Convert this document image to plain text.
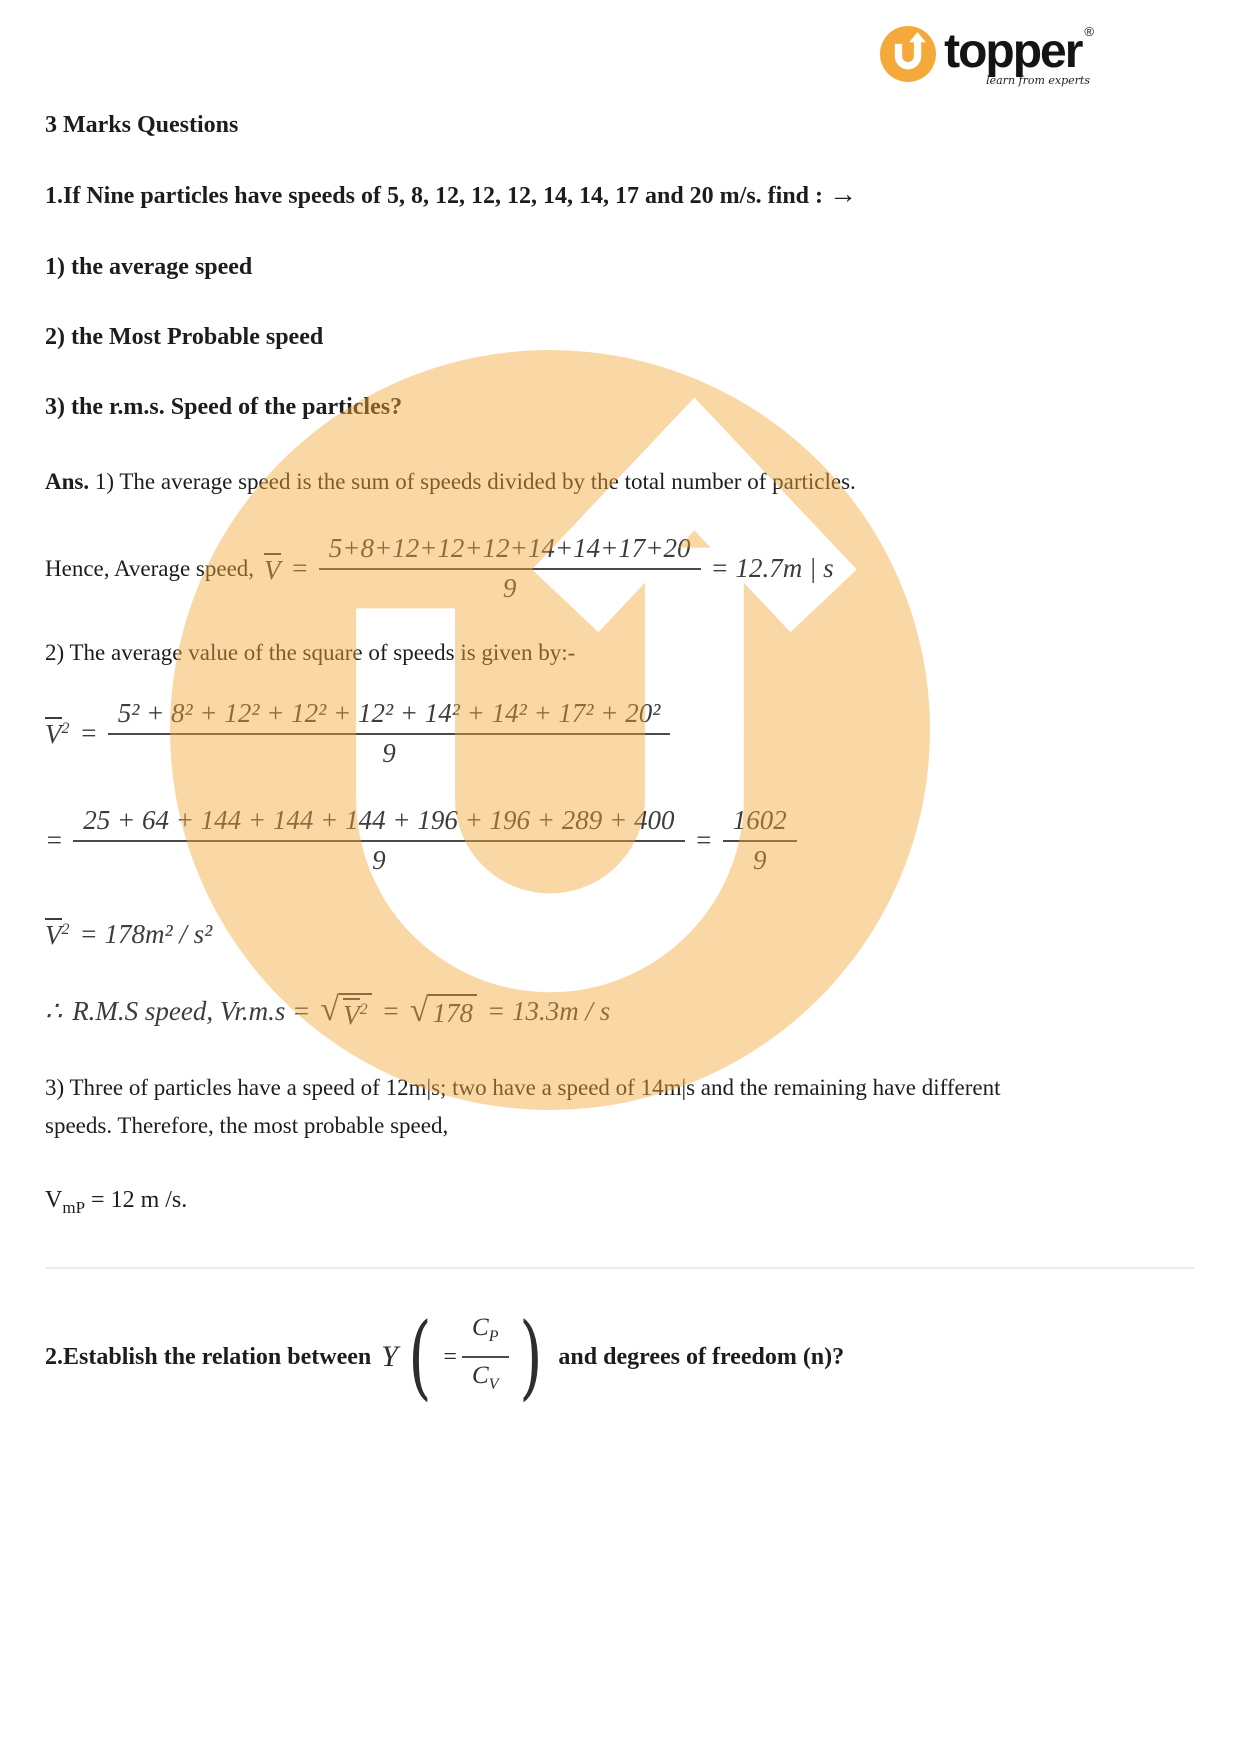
topper ®
learn from experts

3 Marks Questions

1.If Nine particles have speeds of 5, 8, 12, 12, 12, 14, 14, 17 and 20 m/s. find : →

1) the average speed

2) the Most Probable speed

3) the r.m.s. Speed of the particles?

Ans. 1) The average speed is the sum of speeds divided by the total number of particles.

Hence, Average speed, $V = \frac{5+8+12+12+12+14+14+17+20}{9} = 12.7m$ | s

2) The average value of the square of speeds is given by:-

$V^2 = \frac{\text{5² + 8² + 12² + 12² + 12² + 14² + 14² + 17² + 20²}}{9}$
= $\frac{25 + 64 + 144 + 144 + 144 + 196 + 196 + 289 + 400}{9} = \frac{1602}{9}$
$V^2 = 178m^2 / s^2$
∴ R.M.S speed, Vr.m.s = √ $V^2$ = √ 178 = 13.3m / s

3) Three of particles have a speed of 12m|s; two have a speed of 14m|s and the remaining have different speeds. Therefore, the most probable speed,

$V_{mP} = 12$ m /s.

2.Establish the relation between Y ( = $\frac{C_P}{C_V}$ ) and degrees of freedom (n)?
